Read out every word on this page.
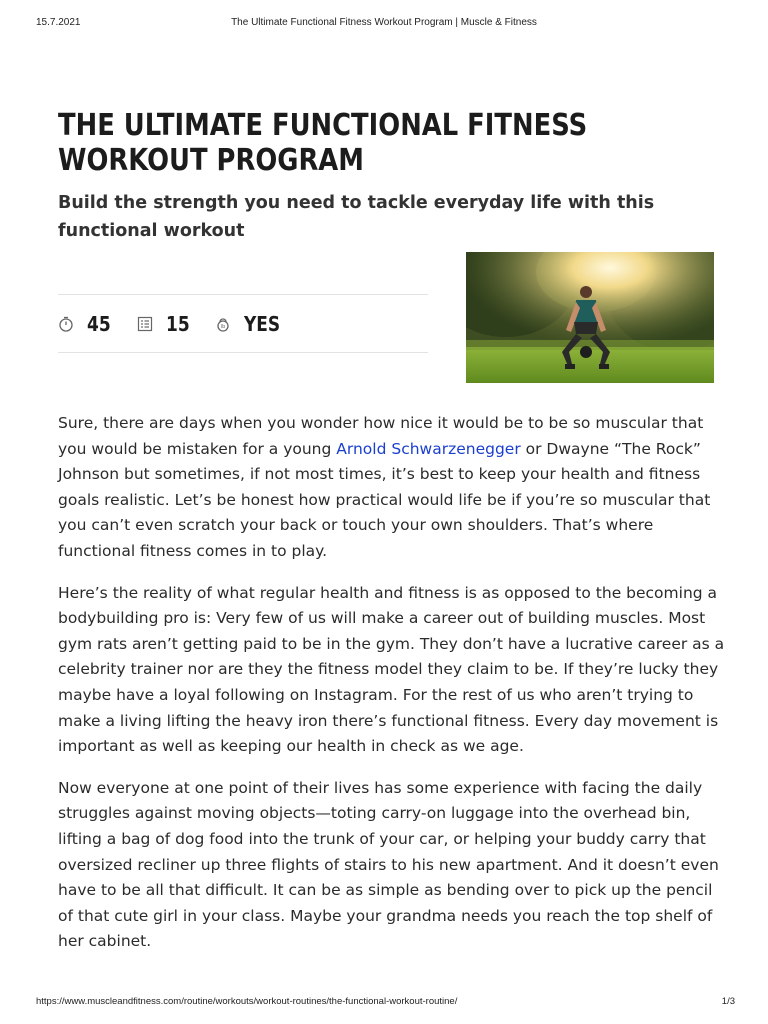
15.7.2021	The Ultimate Functional Fitness Workout Program | Muscle & Fitness
THE ULTIMATE FUNCTIONAL FITNESS
WORKOUT PROGRAM
Build the strength you need to tackle everyday life with this
functional workout
45	15	lb YES

Sure, there are days when you wonder how nice it would be to be so muscular that you would be mistaken for a young Arnold Schwarzenegger or Dwayne “The Rock” Johnson but sometimes, if not most times, it’s best to keep your health and fitness goals realistic. Let’s be honest how practical would life be if you’re so muscular that you can’t even scratch your back or touch your own shoulders. That’s where functional fitness comes in to play.

Here’s the reality of what regular health and fitness is as opposed to the becoming a bodybuilding pro is: Very few of us will make a career out of building muscles. Most gym rats aren’t getting paid to be in the gym. They don’t have a lucrative career as a celebrity trainer nor are they the fitness model they claim to be. If they’re lucky they maybe have a loyal following on Instagram. For the rest of us who aren’t trying to make a living lifting the heavy iron there’s functional fitness. Every day movement is important as well as keeping our health in check as we age.

Now everyone at one point of their lives has some experience with facing the daily struggles against moving objects—toting carry-on luggage into the overhead bin, lifting a bag of dog food into the trunk of your car, or helping your buddy carry that oversized recliner up three flights of stairs to his new apartment. And it doesn’t even have to be all that difficult. It can be as simple as bending over to pick up the pencil of that cute girl in your class. Maybe your grandma needs you reach the top shelf of her cabinet.

https://www.muscleandfitness.com/routine/workouts/workout-routines/the-functional-workout-routine/	1/3
